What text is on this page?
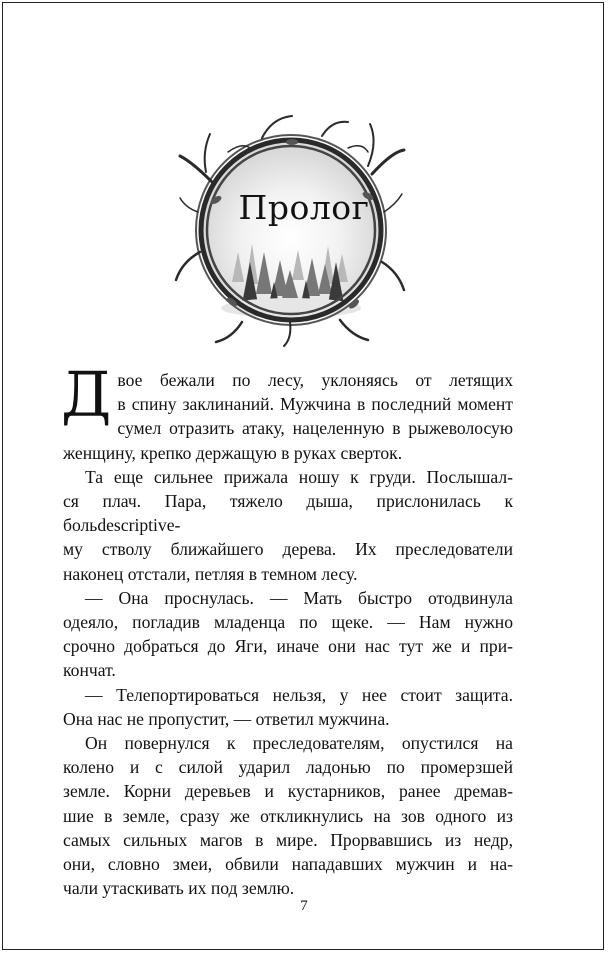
Пролог
Д вое бежали по лесу, уклоняясь от летящих
в спину заклинаний. Мужчина в последний момент
сумел отразить атаку, нацеленную в рыжеволосую
женщину, крепко держащую в руках сверток.
Та еще сильнее прижала ношу к груди. Послышал-
ся плач. Пара, тяжело дыша, прислонилась к больdescriptive-
му стволу ближайшего дерева. Их преследователи
наконец отстали, петляя в темном лесу.
— Она проснулась. — Мать быстро отодвинула
одеяло, погладив младенца по щеке. — Нам нужно
срочно добраться до Яги, иначе они нас тут же и при-
кончат.
— Телепортироваться нельзя, у нее стоит защита.
Она нас не пропустит, — ответил мужчина.
Он повернулся к преследователям, опустился на
колено и с силой ударил ладонью по промерзшей
земле. Корни деревьев и кустарников, ранее дремав-
шие в земле, сразу же откликнулись на зов одного из
самых сильных магов в мире. Прорвавшись из недр,
они, словно змеи, обвили нападавших мужчин и на-
чали утаскивать их под землю.
7
